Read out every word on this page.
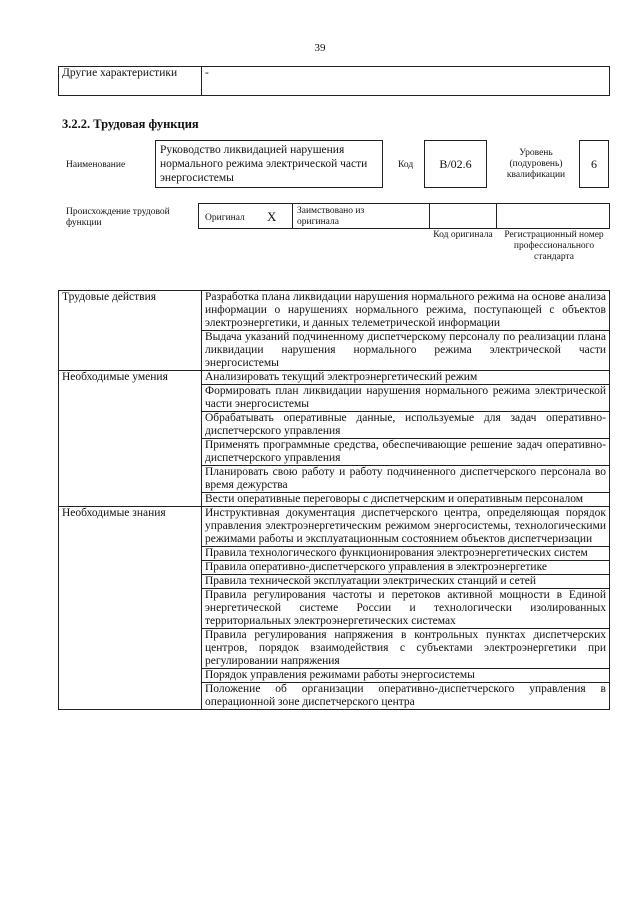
39
Другие характеристики	-
3.2.2. Трудовая функция
Наименование
Руководство ликвидацией нарушения нормального режима электрической части энергосистемы
Код	B/02.6
Уровень (подуровень) квалификации
6
Происхождение трудовой функции	Оригинал X Заимствовано из оригинала
Код оригинала	Регистрационный номер профессионального стандарта
Трудовые действия	Разработка плана ликвидации нарушения нормального режима на основе анализа информации о нарушениях нормального режима, поступающей с объектов электроэнергетики, и данных телеметрической информации
	Выдача указаний подчиненному диспетчерскому персоналу по реализации плана ликвидации нарушения нормального режима электрической части энергосистемы
Необходимые умения	Анализировать текущий электроэнергетический режим
	Формировать план ликвидации нарушения нормального режима электрической части энергосистемы
	Обрабатывать оперативные данные, используемые для задач оперативно-диспетчерского управления
	Применять программные средства, обеспечивающие решение задач оперативно-диспетчерского управления
	Планировать свою работу и работу подчиненного диспетчерского персонала во время дежурства
	Вести оперативные переговоры с диспетчерским и оперативным персоналом
Необходимые знания	Инструктивная документация диспетчерского центра, определяющая порядок управления электроэнергетическим режимом энергосистемы, технологическими режимами работы и эксплуатационным состоянием объектов диспетчеризации
	Правила технологического функционирования электроэнергетических систем
	Правила оперативно-диспетчерского управления в электроэнергетике
	Правила технической эксплуатации электрических станций и сетей
	Правила регулирования частоты и перетоков активной мощности в Единой энергетической системе России и технологически изолированных территориальных электроэнергетических системах
	Правила регулирования напряжения в контрольных пунктах диспетчерских центров, порядок взаимодействия с субъектами электроэнергетики при регулировании напряжения
	Порядок управления режимами работы энергосистемы
	Положение об организации оперативно-диспетчерского управления в операционной зоне диспетчерского центра
